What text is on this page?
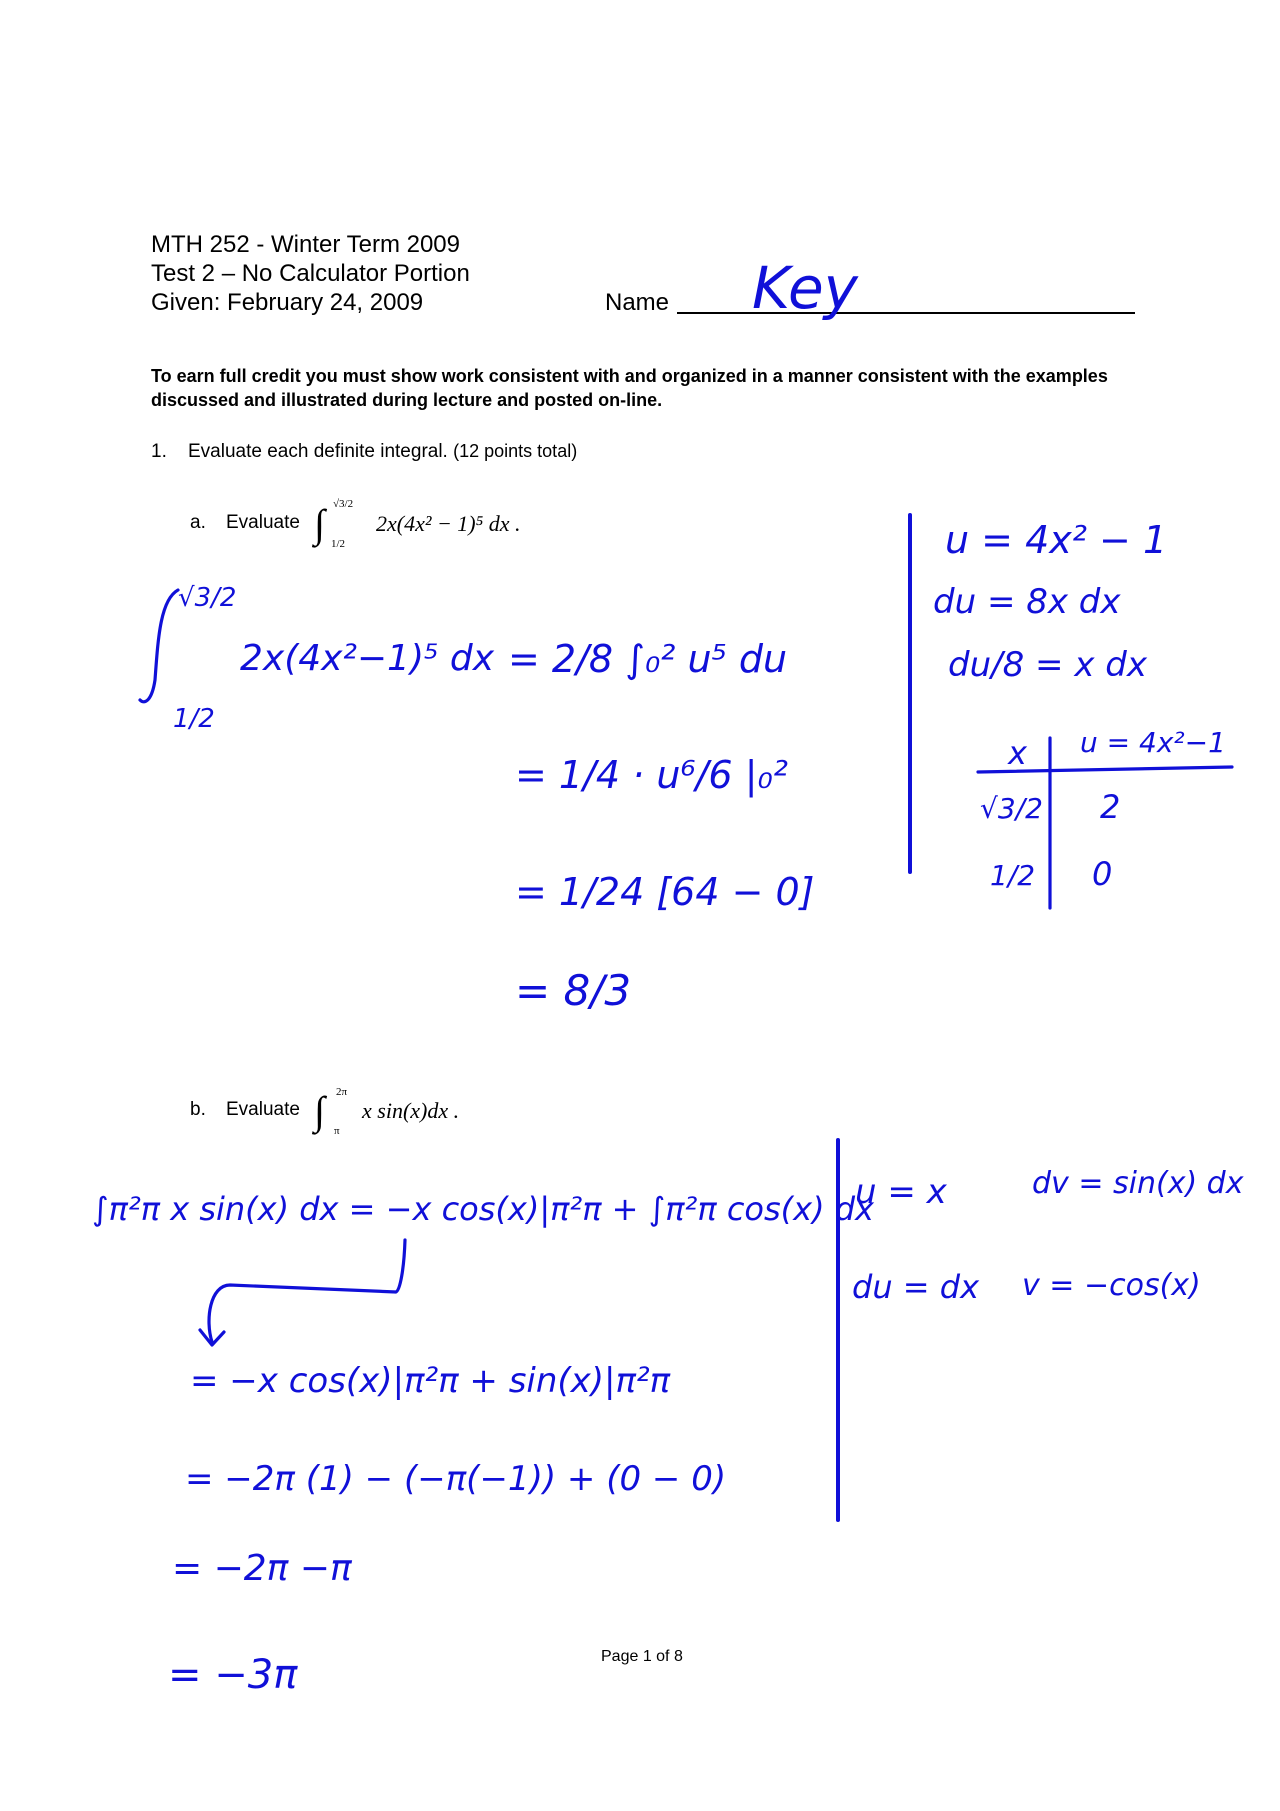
MTH 252 - Winter Term 2009
Test 2 – No Calculator Portion
Given: February 24, 2009	Name
To earn full credit you must show work consistent with and organized in a manner consistent with the examples discussed and illustrated during lecture and posted on-line.
1. Evaluate each definite integral. (12 points total)
a. Evaluate ∫ √3/2
1/2
2x(4x² − 1)⁵ dx .
b. Evaluate ∫ 2π
π
x sin(x)dx .
Key
√3/2
1/2
2x(4x²−1)⁵ dx = 2/8 ∫₀² u⁵ du
= 1/4 · u⁶/6 |₀²
= 1/24 [64 − 0]
= 8/3
u = 4x² − 1
du = 8x dx
du/8 = x dx
x u = 4x²−1
√3/2 2
1/2 0
∫π²π x sin(x) dx = −x cos(x)|π²π + ∫π²π cos(x) dx
= −x cos(x)|π²π + sin(x)|π²π
= −2π (1) − (−π(−1)) + (0 − 0)
= −2π −π
= −3π
u = x	dv = sin(x) dx
du = dx v = −cos(x)
Page 1 of 8
